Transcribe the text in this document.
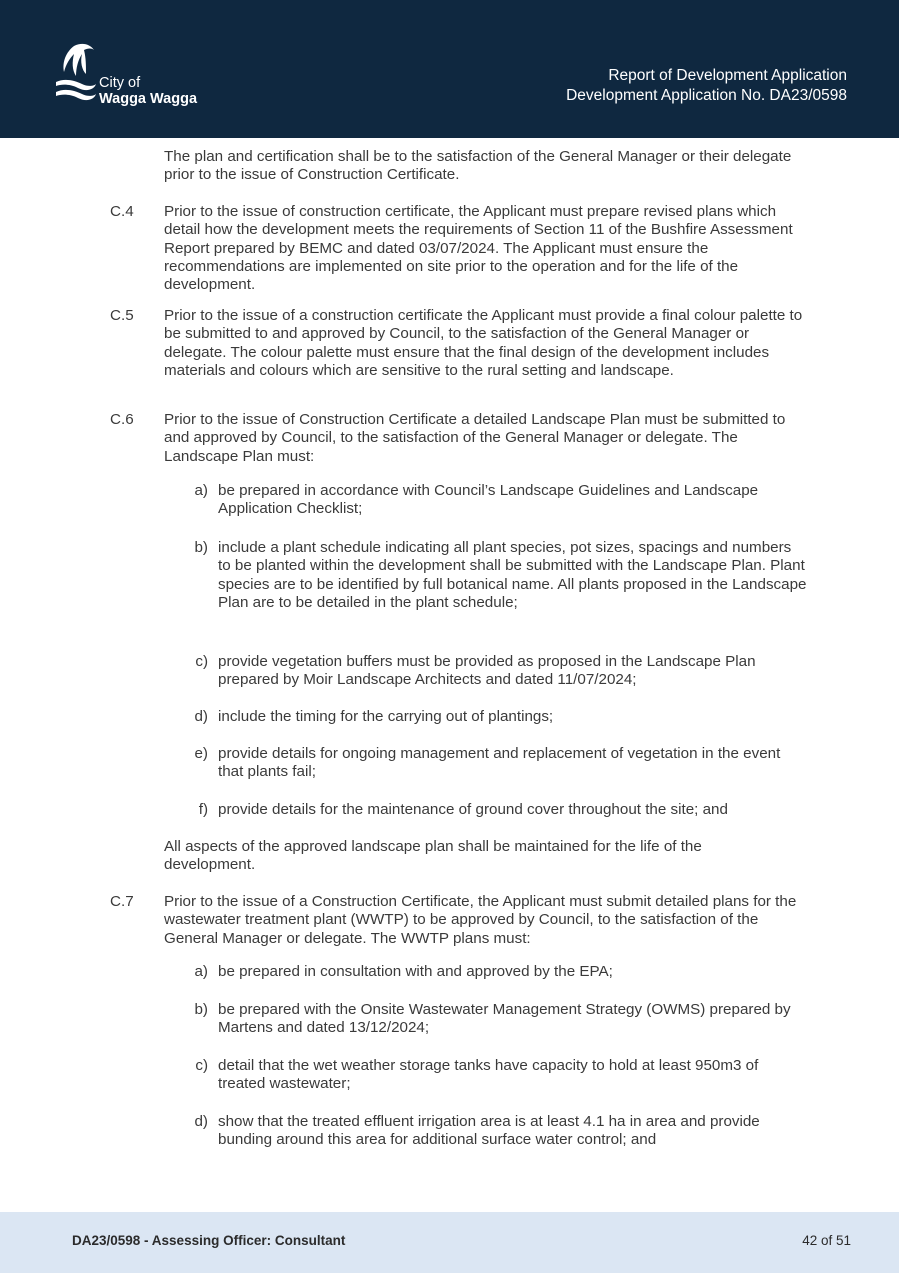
City of
Wagga Wagga
Report of Development Application
Development Application No. DA23/0598
The plan and certification shall be to the satisfaction of the General Manager or their delegate prior to the issue of Construction Certificate.
C.4 Prior to the issue of construction certificate, the Applicant must prepare revised plans which detail how the development meets the requirements of Section 11 of the Bushfire Assessment Report prepared by BEMC and dated 03/07/2024. The Applicant must ensure the recommendations are implemented on site prior to the operation and for the life of the development.
C.5 Prior to the issue of a construction certificate the Applicant must provide a final colour palette to be submitted to and approved by Council, to the satisfaction of the General Manager or delegate. The colour palette must ensure that the final design of the development includes materials and colours which are sensitive to the rural setting and landscape.
C.6 Prior to the issue of Construction Certificate a detailed Landscape Plan must be submitted to and approved by Council, to the satisfaction of the General Manager or delegate. The Landscape Plan must:
a) be prepared in accordance with Council’s Landscape Guidelines and Landscape Application Checklist;
b) include a plant schedule indicating all plant species, pot sizes, spacings and numbers to be planted within the development shall be submitted with the Landscape Plan. Plant species are to be identified by full botanical name. All plants proposed in the Landscape Plan are to be detailed in the plant schedule;
c) provide vegetation buffers must be provided as proposed in the Landscape Plan prepared by Moir Landscape Architects and dated 11/07/2024;
d) include the timing for the carrying out of plantings;
e) provide details for ongoing management and replacement of vegetation in the event that plants fail;
f) provide details for the maintenance of ground cover throughout the site; and
All aspects of the approved landscape plan shall be maintained for the life of the development.
C.7 Prior to the issue of a Construction Certificate, the Applicant must submit detailed plans for the wastewater treatment plant (WWTP) to be approved by Council, to the satisfaction of the General Manager or delegate. The WWTP plans must:
a) be prepared in consultation with and approved by the EPA;
b) be prepared with the Onsite Wastewater Management Strategy (OWMS) prepared by Martens and dated 13/12/2024;
c) detail that the wet weather storage tanks have capacity to hold at least 950m3 of treated wastewater;
d) show that the treated effluent irrigation area is at least 4.1 ha in area and provide bunding around this area for additional surface water control; and
DA23/0598 - Assessing Officer: Consultant	42 of 51
